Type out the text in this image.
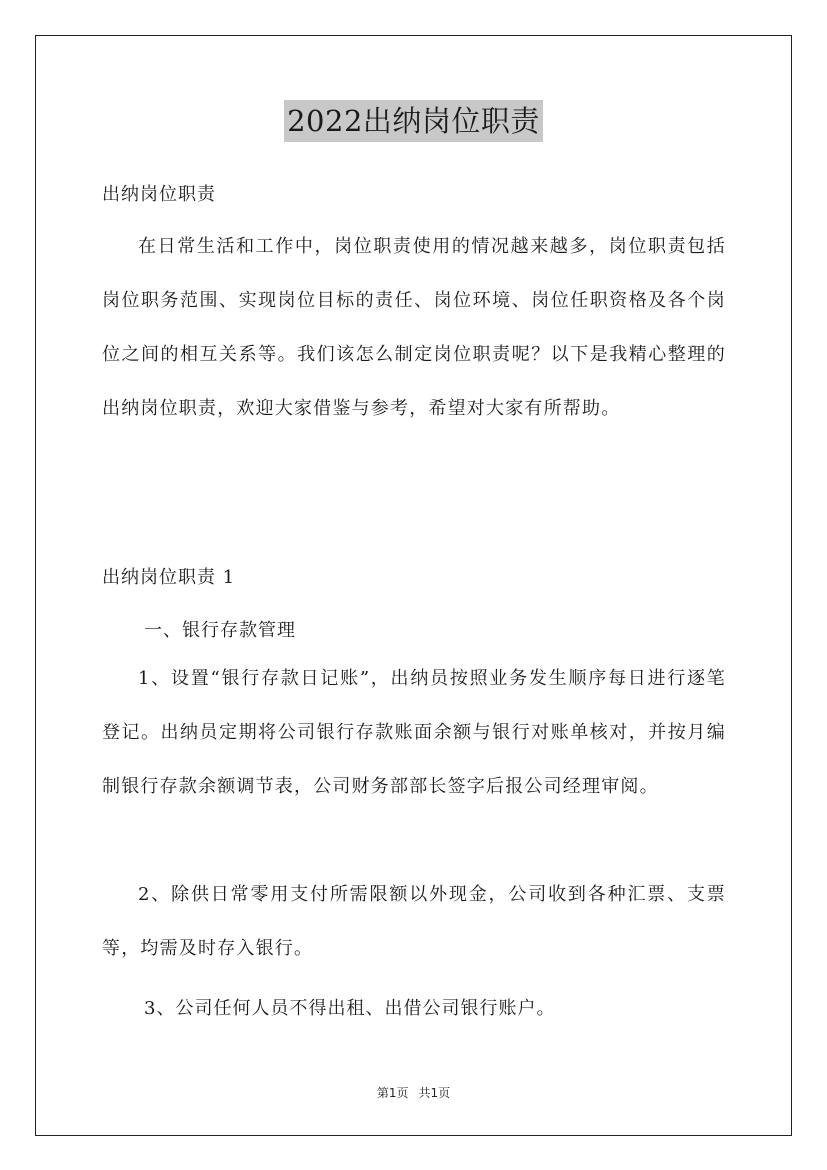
2022出纳岗位职责
出纳岗位职责
在日常生活和工作中，岗位职责使用的情况越来越多，岗位职责包括岗位职务范围、实现岗位目标的责任、岗位环境、岗位任职资格及各个岗位之间的相互关系等。我们该怎么制定岗位职责呢？以下是我精心整理的出纳岗位职责，欢迎大家借鉴与参考，希望对大家有所帮助。
出纳岗位职责 1
一、银行存款管理
1、设置“银行存款日记账”，出纳员按照业务发生顺序每日进行逐笔登记。出纳员定期将公司银行存款账面余额与银行对账单核对，并按月编制银行存款余额调节表，公司财务部部长签字后报公司经理审阅。
2、除供日常零用支付所需限额以外现金，公司收到各种汇票、支票等，均需及时存入银行。
3、公司任何人员不得出租、出借公司银行账户。
第1页 共1页
